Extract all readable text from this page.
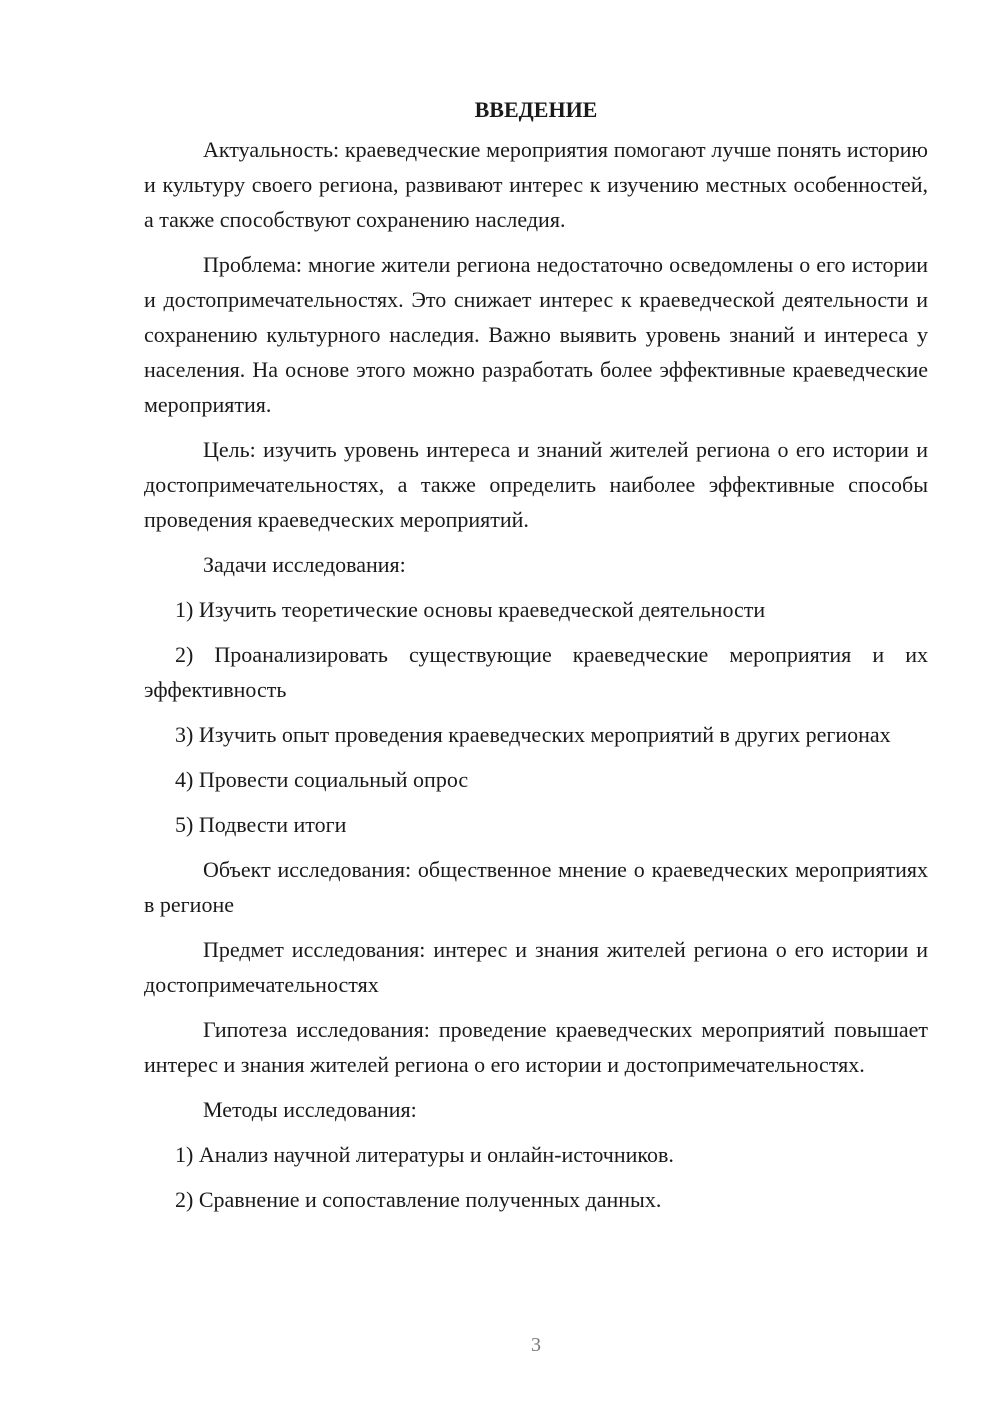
ВВЕДЕНИЕ

Актуальность: краеведческие мероприятия помогают лучше понять историю и культуру своего региона, развивают интерес к изучению местных особенностей, а также способствуют сохранению наследия.

Проблема: многие жители региона недостаточно осведомлены о его истории и достопримечательностях. Это снижает интерес к краеведческой деятельности и сохранению культурного наследия. Важно выявить уровень знаний и интереса у населения. На основе этого можно разработать более эффективные краеведческие мероприятия.

Цель: изучить уровень интереса и знаний жителей региона о его истории и достопримечательностях, а также определить наиболее эффективные способы проведения краеведческих мероприятий.

Задачи исследования:

1) Изучить теоретические основы краеведческой деятельности

2) Проанализировать существующие краеведческие мероприятия и их эффективность

3) Изучить опыт проведения краеведческих мероприятий в других регионах

4) Провести социальный опрос

5) Подвести итоги

Объект исследования: общественное мнение о краеведческих мероприятиях в регионе

Предмет исследования: интерес и знания жителей региона о его истории и достопримечательностях

Гипотеза исследования: проведение краеведческих мероприятий повышает интерес и знания жителей региона о его истории и достопримечательностях.

Методы исследования:

1) Анализ научной литературы и онлайн-источников.

2) Сравнение и сопоставление полученных данных.

3
